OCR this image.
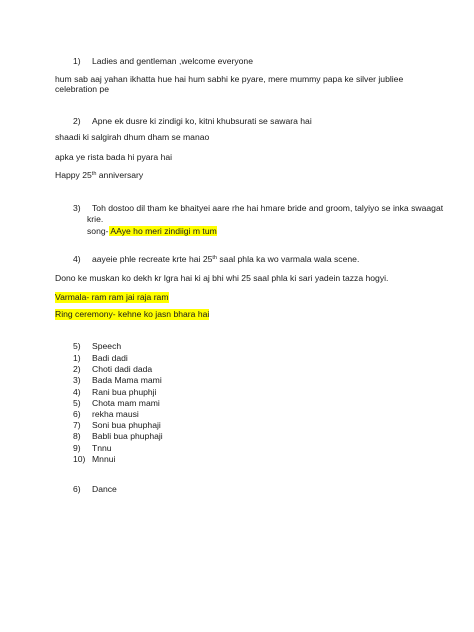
1) Ladies and gentleman ,welcome everyone
hum sab aaj yahan ikhatta hue hai hum sabhi ke pyare, mere mummy papa ke silver jubliee
celebration pe
2) Apne ek dusre ki zindigi ko, kitni khubsurati se sawara hai
shaadi ki salgirah dhum dham se manao
apka ye rista bada hi pyara hai
Happy 25th anniversary
3) Toh dostoo dil tham ke bhaityei aare rhe hai hmare bride and groom, talyiyo se inka swaagat
krie.
song- AAye ho meri zindiigi m tum
4) aayeie phle recreate krte hai 25th saal phla ka wo varmala wala scene.
Dono ke muskan ko dekh kr lgra hai ki aj bhi whi 25 saal phla ki sari yadein tazza hogyi.
Varmala- ram ram jai raja ram
Ring ceremony- kehne ko jasn bhara hai
5) Speech
1) Badi dadi
2) Choti dadi dada
3) Bada Mama mami
4) Rani bua phuphji
5) Chota mam mami
6) rekha mausi
7) Soni bua phuphaji
8) Babli bua phuphaji
9) Tnnu
10) Mnnui
6) Dance
